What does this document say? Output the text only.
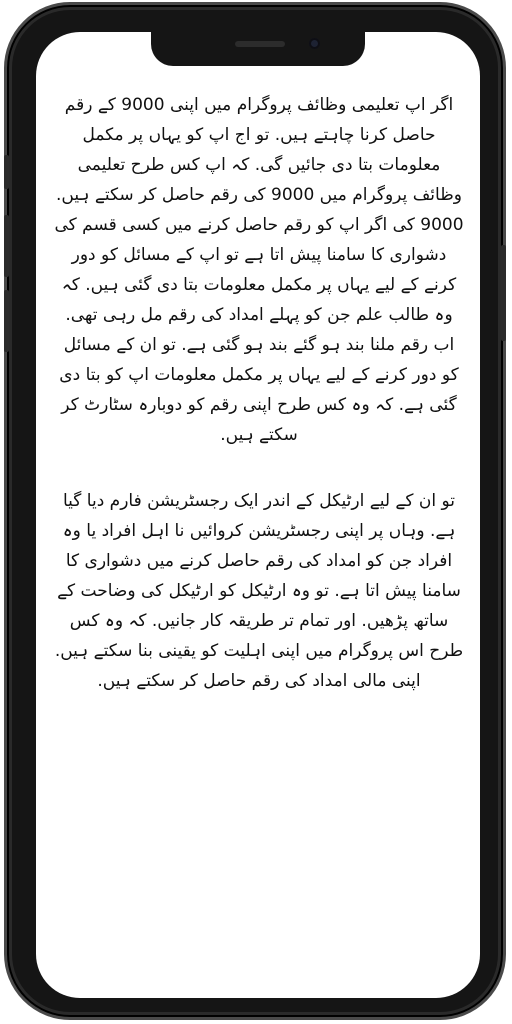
اگر اپ تعلیمی وظائف پروگرام میں اپنی 9000 کے رقم حاصل کرنا چاہتے ہیں. تو اج اپ کو یہاں پر مکمل معلومات بتا دی جائیں گی. کہ اپ کس طرح تعلیمی وظائف پروگرام میں 9000 کی رقم حاصل کر سکتے ہیں. 9000 کی اگر اپ کو رقم حاصل کرنے میں کسی قسم کی دشواری کا سامنا پیش اتا ہے تو اپ کے مسائل کو دور کرنے کے لیے یہاں پر مکمل معلومات بتا دی گئی ہیں. کہ وہ طالب علم جن کو پہلے امداد کی رقم مل رہی تھی. اب رقم ملنا بند ہو گئے بند ہو گئی ہے. تو ان کے مسائل کو دور کرنے کے لیے یہاں پر مکمل معلومات اپ کو بتا دی گئی ہے. کہ وہ کس طرح اپنی رقم کو دوبارہ سٹارٹ کر سکتے ہیں.

تو ان کے لیے ارٹیکل کے اندر ایک رجسٹریشن فارم دیا گیا ہے. وہاں پر اپنی رجسٹریشن کروائیں نا اہل افراد یا وہ افراد جن کو امداد کی رقم حاصل کرنے میں دشواری کا سامنا پیش اتا ہے. تو وہ ارٹیکل کو ارٹیکل کی وضاحت کے ساتھ پڑھیں. اور تمام تر طریقہ کار جانیں. کہ وہ کس طرح اس پروگرام میں اپنی اہلیت کو یقینی بنا سکتے ہیں. اپنی مالی امداد کی رقم حاصل کر سکتے ہیں.
